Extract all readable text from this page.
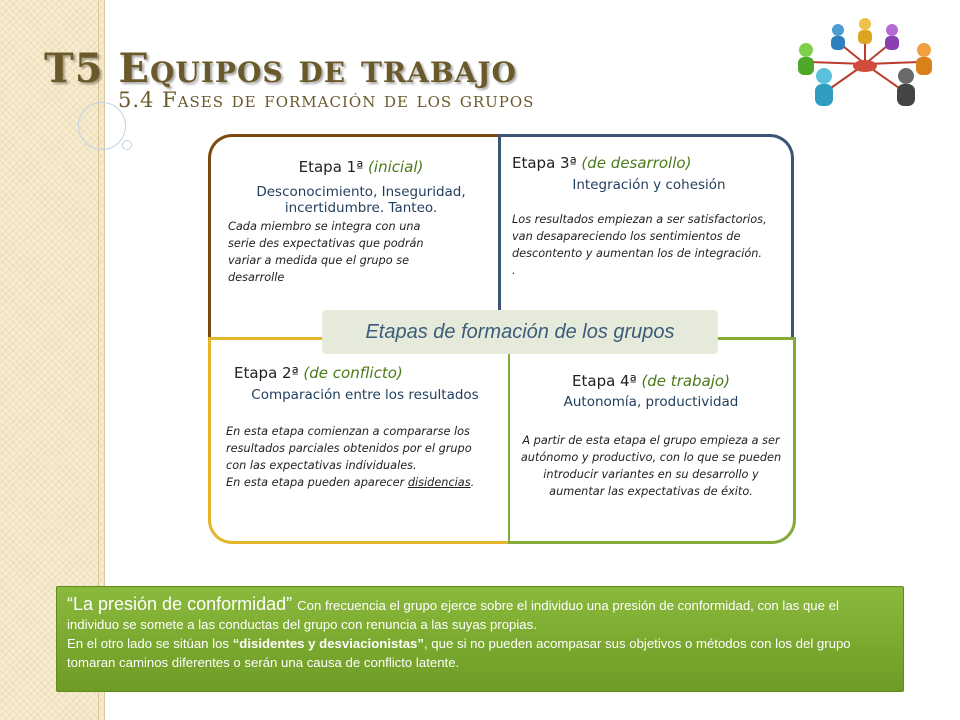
T5 Equipos de trabajo
5.4 Fases de formación de los grupos
Etapa 1ª (inicial)
Desconocimiento, Inseguridad, incertidumbre. Tanteo.
Cada miembro se integra con una serie des expectativas que podrán variar a medida que el grupo se desarrolle
Etapa 3ª (de desarrollo)
Integración y cohesión
Los resultados empiezan a ser satisfactorios, van desapareciendo los sentimientos de descontento y aumentan los de integración.
.
Etapas de formación de los grupos
Etapa 2ª (de conflicto)
Comparación entre los resultados
En esta etapa comienzan a compararse los resultados parciales obtenidos por el grupo con las expectativas individuales.
En esta etapa pueden aparecer disidencias.
Etapa 4ª (de trabajo)
Autonomía, productividad
A partir de esta etapa el grupo empieza a ser autónomo y productivo, con lo que se pueden introducir variantes en su desarrollo y aumentar las expectativas de éxito.
“La presión de conformidad” Con frecuencia el grupo ejerce sobre el individuo una presión de conformidad, con las que el individuo se somete a las conductas del grupo con renuncia a las suyas propias.
En el otro lado se sitúan los “disidentes y desviacionistas”, que si no pueden acompasar sus objetivos o métodos con los del grupo tomaran caminos diferentes o serán una causa de conflicto latente.
